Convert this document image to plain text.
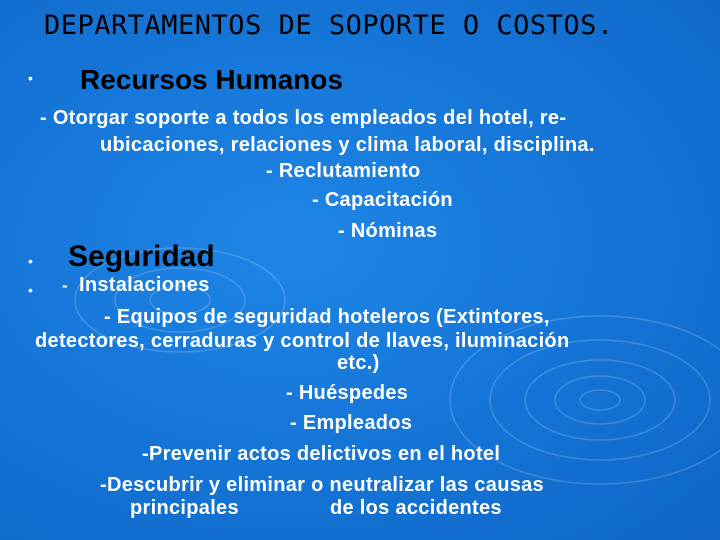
DEPARTAMENTOS DE SOPORTE O COSTOS.
• Recursos Humanos
- Otorgar soporte a todos los empleados del hotel, re-
ubicaciones, relaciones y clima laboral, disciplina.
- Reclutamiento
- Capacitación
- Nóminas
• Seguridad
• - Instalaciones
- Equipos de seguridad hoteleros (Extintores,
detectores, cerraduras y control de llaves, iluminación
etc.)
- Huéspedes
- Empleados
-Prevenir actos delictivos en el hotel
-Descubrir y eliminar o neutralizar las causas
principales	de los accidentes
